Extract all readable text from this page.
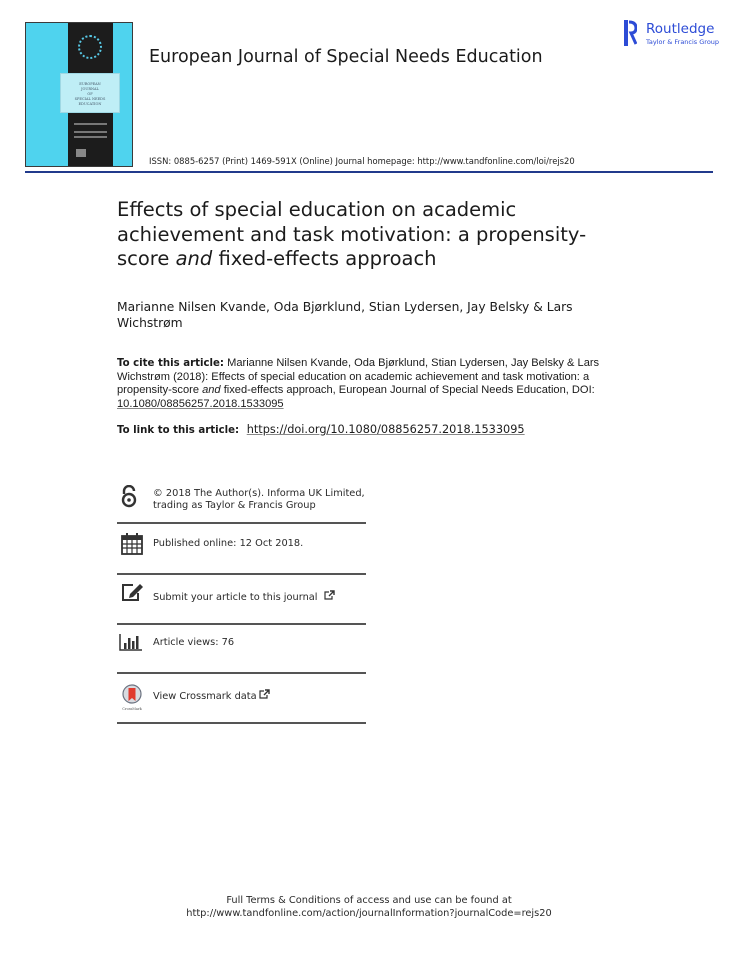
EUROPEAN
JOURNAL
OF
SPECIAL NEEDS
EDUCATION
European Journal of Special Needs Education
Routledge
Taylor & Francis Group
ISSN: 0885-6257 (Print) 1469-591X (Online) Journal homepage: http://www.tandfonline.com/loi/rejs20
Effects of special education on academic
achievement and task motivation: a propensity-
score and fixed-effects approach
Marianne Nilsen Kvande, Oda Bjørklund, Stian Lydersen, Jay Belsky & Lars Wichstrøm
To cite this article: Marianne Nilsen Kvande, Oda Bjørklund, Stian Lydersen, Jay Belsky & Lars Wichstrøm (2018): Effects of special education on academic achievement and task motivation: a propensity-score and fixed-effects approach, European Journal of Special Needs Education, DOI: 10.1080/08856257.2018.1533095
To link to this article: https://doi.org/10.1080/08856257.2018.1533095
© 2018 The Author(s). Informa UK Limited,
trading as Taylor & Francis Group
Published online: 12 Oct 2018.
Submit your article to this journal
Article views: 76
CrossMark
View Crossmark data
Full Terms & Conditions of access and use can be found at
http://www.tandfonline.com/action/journalInformation?journalCode=rejs20
